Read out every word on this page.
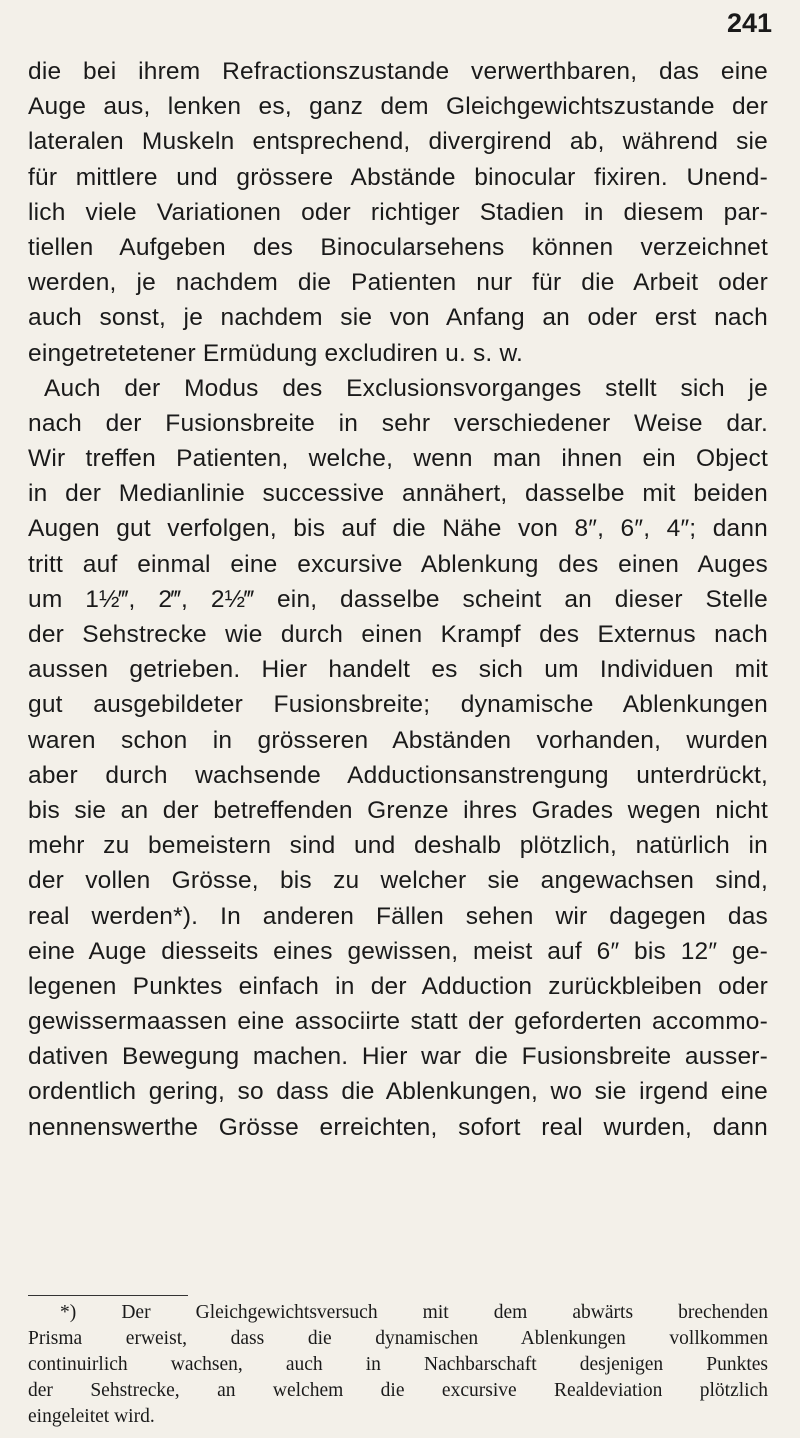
241
die bei ihrem Refractionszustande verwerthbaren, das eine
Auge aus, lenken es, ganz dem Gleichgewichtszustande der
lateralen Muskeln entsprechend, divergirend ab, während sie
für mittlere und grössere Abstände binocular fixiren. Unend-
lich viele Variationen oder richtiger Stadien in diesem par-
tiellen Aufgeben des Binocularsehens können verzeichnet
werden, je nachdem die Patienten nur für die Arbeit oder
auch sonst, je nachdem sie von Anfang an oder erst nach
eingetretetener Ermüdung excludiren u. s. w.
Auch der Modus des Exclusionsvorganges stellt sich je
nach der Fusionsbreite in sehr verschiedener Weise dar.
Wir treffen Patienten, welche, wenn man ihnen ein Object
in der Medianlinie successive annähert, dasselbe mit beiden
Augen gut verfolgen, bis auf die Nähe von 8″, 6″, 4″; dann
tritt auf einmal eine excursive Ablenkung des einen Auges
um 1½‴, 2‴, 2½‴ ein, dasselbe scheint an dieser Stelle
der Sehstrecke wie durch einen Krampf des Externus nach
aussen getrieben. Hier handelt es sich um Individuen mit
gut ausgebildeter Fusionsbreite; dynamische Ablenkungen
waren schon in grösseren Abständen vorhanden, wurden
aber durch wachsende Adductionsanstrengung unterdrückt,
bis sie an der betreffenden Grenze ihres Grades wegen nicht
mehr zu bemeistern sind und deshalb plötzlich, natürlich in
der vollen Grösse, bis zu welcher sie angewachsen sind,
real werden*). In anderen Fällen sehen wir dagegen das
eine Auge diesseits eines gewissen, meist auf 6″ bis 12″ ge-
legenen Punktes einfach in der Adduction zurückbleiben oder
gewissermaassen eine associirte statt der geforderten accommo-
dativen Bewegung machen. Hier war die Fusionsbreite ausser-
ordentlich gering, so dass die Ablenkungen, wo sie irgend eine
nennenswerthe Grösse erreichten, sofort real wurden, dann
*) Der Gleichgewichtsversuch mit dem abwärts brechenden
Prisma erweist, dass die dynamischen Ablenkungen vollkommen
continuirlich wachsen, auch in Nachbarschaft desjenigen Punktes
der Sehstrecke, an welchem die excursive Realdeviation plötzlich
eingeleitet wird.
